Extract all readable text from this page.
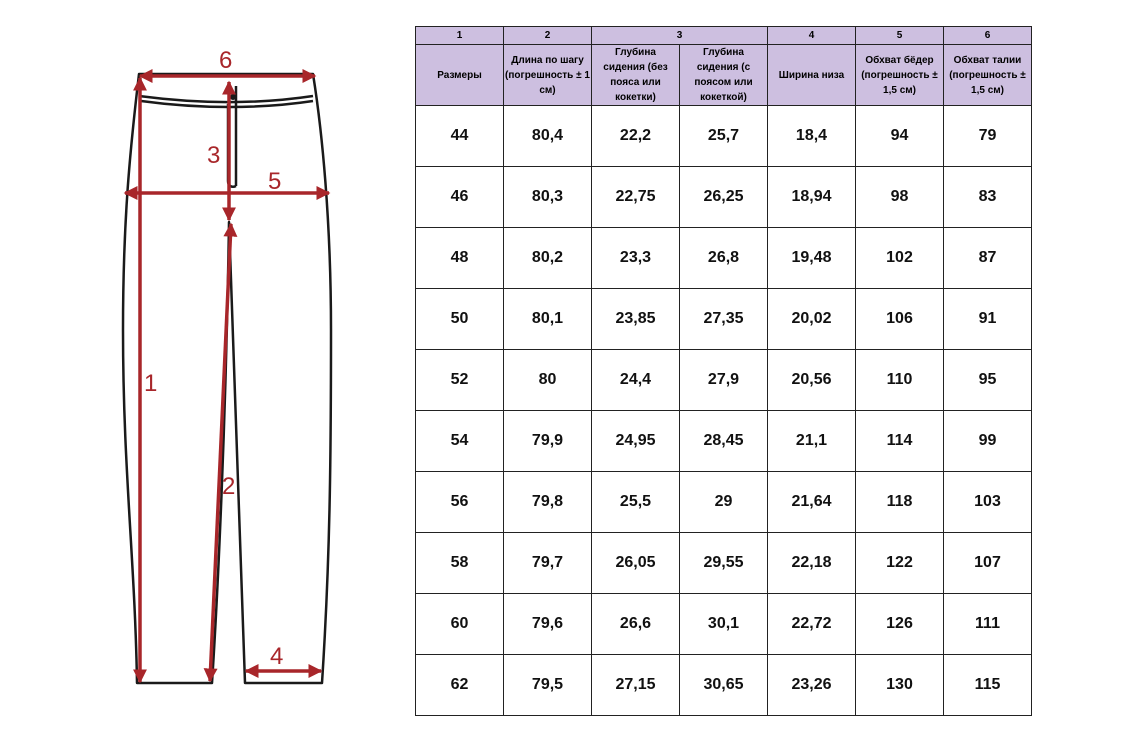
6
3
5
1
2
4
1	2	3		4	5	6
Размеры	Длина по шагу (погрешность ± 1 см)	Глубина сидения (без пояса или кокетки)	Глубина сидения (с поясом или кокеткой)	Ширина низа	Обхват бёдер (погрешность ± 1,5 см)	Обхват талии (погрешность ± 1,5 см)
44	80,4	22,2	25,7	18,4	94	79
46	80,3	22,75	26,25	18,94	98	83
48	80,2	23,3	26,8	19,48	102	87
50	80,1	23,85	27,35	20,02	106	91
52	80	24,4	27,9	20,56	110	95
54	79,9	24,95	28,45	21,1	114	99
56	79,8	25,5	29	21,64	118	103
58	79,7	26,05	29,55	22,18	122	107
60	79,6	26,6	30,1	22,72	126	111
62	79,5	27,15	30,65	23,26	130	115
